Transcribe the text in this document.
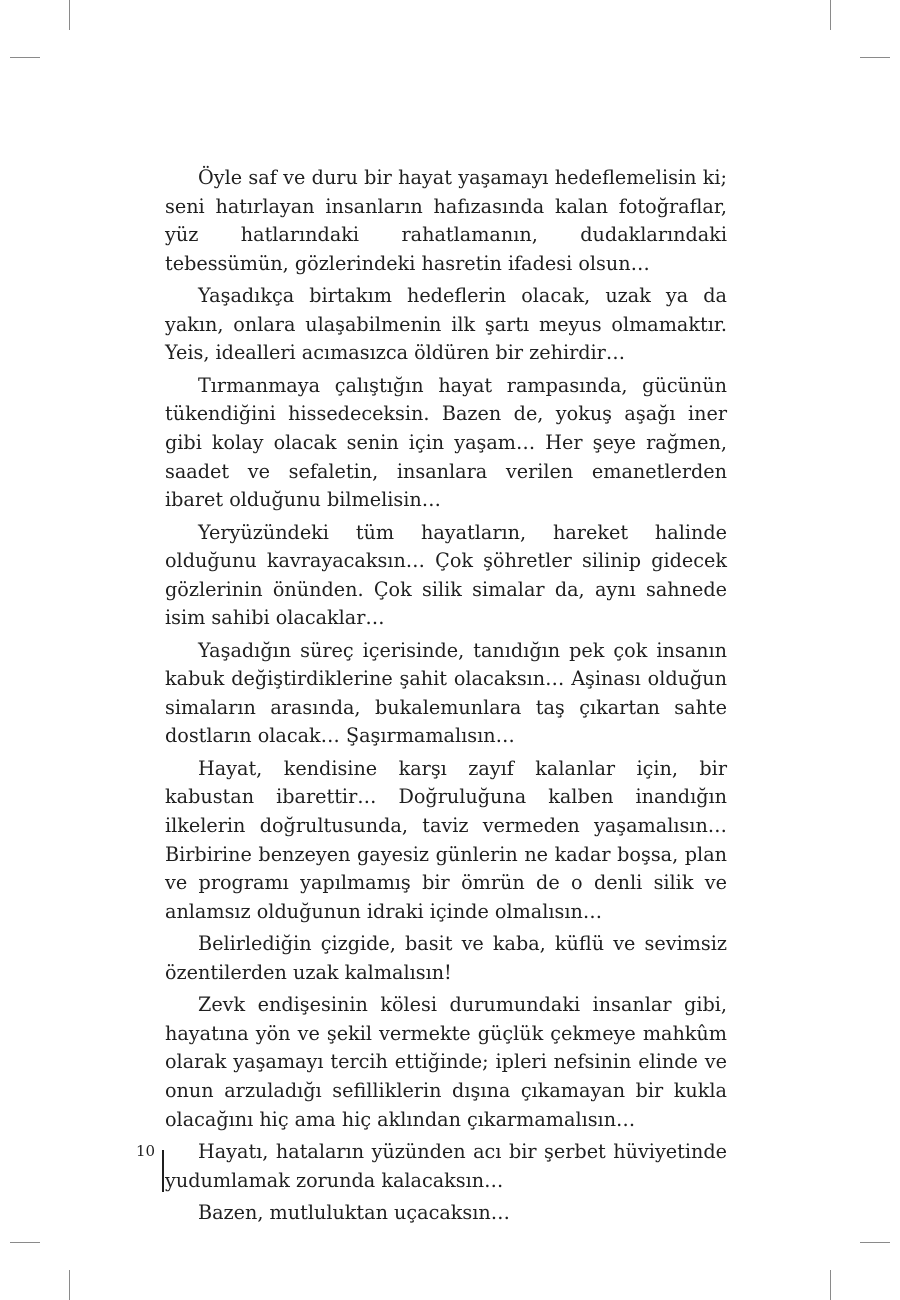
Öyle saf ve duru bir hayat yaşamayı hedeflemelisin ki; seni hatırlayan insanların hafızasında kalan fotoğraflar, yüz hatlarındaki rahatlamanın, dudaklarındaki tebessümün, gözlerindeki hasretin ifadesi olsun…

Yaşadıkça birtakım hedeflerin olacak, uzak ya da yakın, onlara ulaşabilmenin ilk şartı meyus olmamaktır. Yeis, idealleri acımasızca öldüren bir zehirdir…

Tırmanmaya çalıştığın hayat rampasında, gücünün tükendiğini hissedeceksin. Bazen de, yokuş aşağı iner gibi kolay olacak senin için yaşam… Her şeye rağmen, saadet ve sefaletin, insanlara verilen emanetlerden ibaret olduğunu bilmelisin…

Yeryüzündeki tüm hayatların, hareket halinde olduğunu kavrayacaksın… Çok şöhretler silinip gidecek gözlerinin önünden. Çok silik simalar da, aynı sahnede isim sahibi olacaklar…

Yaşadığın süreç içerisinde, tanıdığın pek çok insanın kabuk değiştirdiklerine şahit olacaksın… Aşinası olduğun simaların arasında, bukalemunlara taş çıkartan sahte dostların olacak… Şaşırmamalısın…

Hayat, kendisine karşı zayıf kalanlar için, bir kabustan ibarettir… Doğruluğuna kalben inandığın ilkelerin doğrultusunda, taviz vermeden yaşamalısın… Birbirine benzeyen gayesiz günlerin ne kadar boşsa, plan ve programı yapılmamış bir ömrün de o denli silik ve anlamsız olduğunun idraki içinde olmalısın…

Belirlediğin çizgide, basit ve kaba, küflü ve sevimsiz özentilerden uzak kalmalısın!

Zevk endişesinin kölesi durumundaki insanlar gibi, hayatına yön ve şekil vermekte güçlük çekmeye mahkûm olarak yaşamayı tercih ettiğinde; ipleri nefsinin elinde ve onun arzuladığı sefilliklerin dışına çıkamayan bir kukla olacağını hiç ama hiç aklından çıkarmamalısın…

Hayatı, hataların yüzünden acı bir şerbet hüviyetinde yudumlamak zorunda kalacaksın…

Bazen, mutluluktan uçacaksın…

10
